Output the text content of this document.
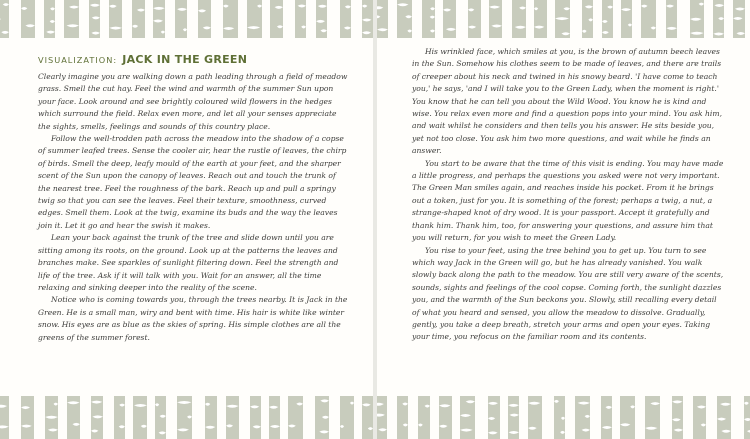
VISUALIZATION: JACK IN THE GREEN

Clearly imagine you are walking down a path leading through a field of meadow grass. Smell the cut hay. Feel the wind and warmth of the summer Sun upon your face. Look around and see brightly coloured wild flowers in the hedges which surround the field. Relax even more, and let all your senses appreciate the sights, smells, feelings and sounds of this country place.

Follow the well-trodden path across the meadow into the shadow of a copse of summer leafed trees. Sense the cooler air, hear the rustle of leaves, the chirp of birds. Smell the deep, leafy mould of the earth at your feet, and the sharper scent of the Sun upon the canopy of leaves. Reach out and touch the trunk of the nearest tree. Feel the roughness of the bark. Reach up and pull a springy twig so that you can see the leaves. Feel their texture, smoothness, curved edges. Smell them. Look at the twig, examine its buds and the way the leaves join it. Let it go and hear the swish it makes.

Lean your back against the trunk of the tree and slide down until you are sitting among its roots, on the ground. Look up at the patterns the leaves and branches make. See sparkles of sunlight filtering down. Feel the strength and life of the tree. Ask if it will talk with you. Wait for an answer, all the time relaxing and sinking deeper into the reality of the scene.

Notice who is coming towards you, through the trees nearby. It is Jack in the Green. He is a small man, wiry and bent with time. His hair is white like winter snow. His eyes are as blue as the skies of spring. His simple clothes are all the greens of the summer forest.

His wrinkled face, which smiles at you, is the brown of autumn beech leaves in the Sun. Somehow his clothes seem to be made of leaves, and there are trails of creeper about his neck and twined in his snowy beard. 'I have come to teach you,' he says, 'and I will take you to the Green Lady, when the moment is right.' You know that he can tell you about the Wild Wood. You know he is kind and wise. You relax even more and find a question pops into your mind. You ask him, and wait whilst he considers and then tells you his answer. He sits beside you, yet not too close. You ask him two more questions, and wait while he finds an answer.

You start to be aware that the time of this visit is ending. You may have made a little progress, and perhaps the questions you asked were not very important. The Green Man smiles again, and reaches inside his pocket. From it he brings out a token, just for you. It is something of the forest; perhaps a twig, a nut, a strange-shaped knot of dry wood. It is your passport. Accept it gratefully and thank him. Thank him, too, for answering your questions, and assure him that you will return, for you wish to meet the Green Lady.

You rise to your feet, using the tree behind you to get up. You turn to see which way Jack in the Green will go, but he has already vanished. You walk slowly back along the path to the meadow. You are still very aware of the scents, sounds, sights and feelings of the cool copse. Coming forth, the sunlight dazzles you, and the warmth of the Sun beckons you. Slowly, still recalling every detail of what you heard and sensed, you allow the meadow to dissolve. Gradually, gently, you take a deep breath, stretch your arms and open your eyes. Taking your time, you refocus on the familiar room and its contents.
